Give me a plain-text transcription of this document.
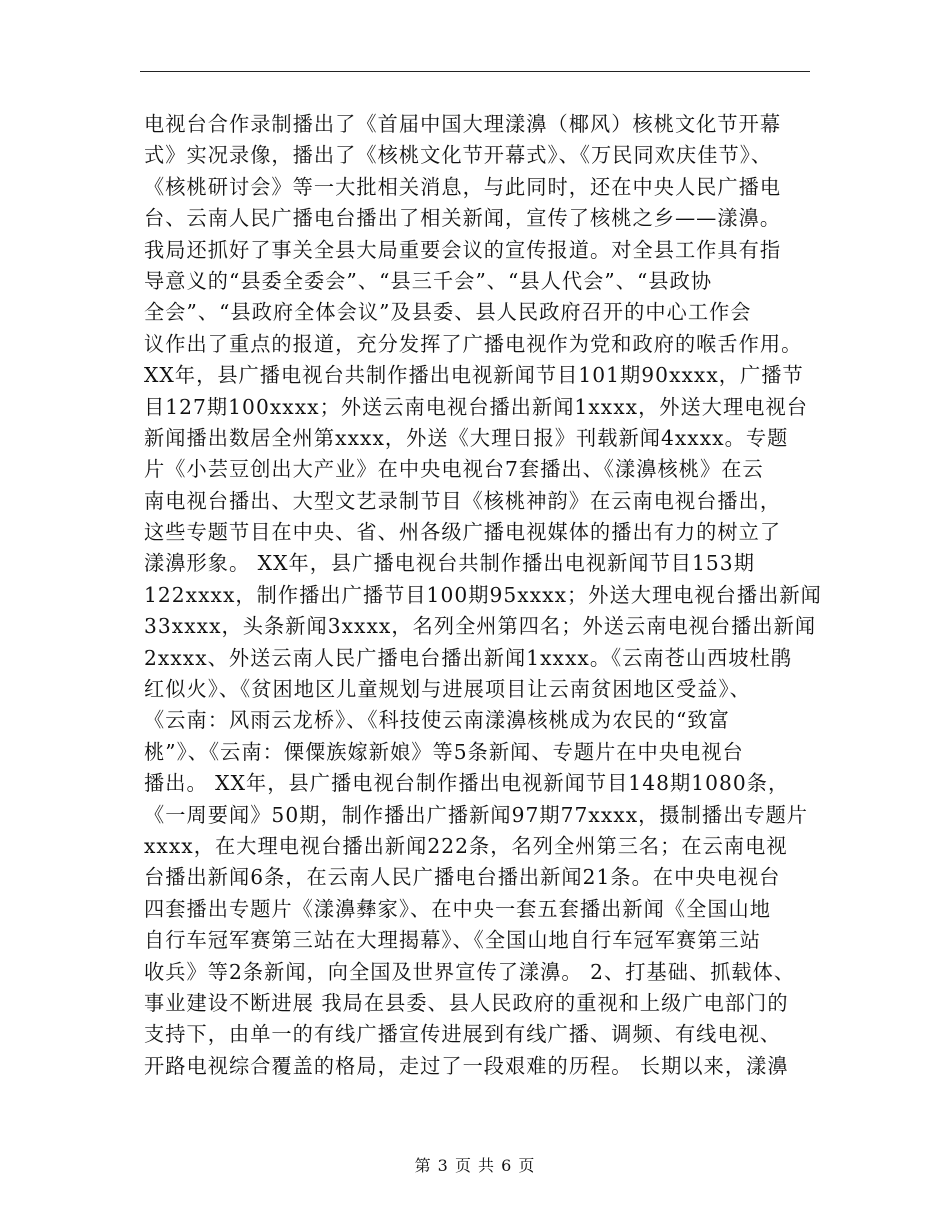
电视台合作录制播出了《首届中国大理漾濞（椰风）核桃文化节开幕
式》实况录像，播出了《核桃文化节开幕式》、《万民同欢庆佳节》、
《核桃研讨会》等一大批相关消息，与此同时，还在中央人民广播电
台、云南人民广播电台播出了相关新闻，宣传了核桃之乡——漾濞。
我局还抓好了事关全县大局重要会议的宣传报道。对全县工作具有指
导意义的“县委全委会”、“县三千会”、“县人代会”、“县政协
全会”、“县政府全体会议”及县委、县人民政府召开的中心工作会
议作出了重点的报道，充分发挥了广播电视作为党和政府的喉舌作用。
XX年，县广播电视台共制作播出电视新闻节目101期90xxxx，广播节
目127期100xxxx；外送云南电视台播出新闻1xxxx，外送大理电视台
新闻播出数居全州第xxxx，外送《大理日报》刊载新闻4xxxx。专题
片《小芸豆创出大产业》在中央电视台7套播出、《漾濞核桃》在云
南电视台播出、大型文艺录制节目《核桃神韵》在云南电视台播出，
这些专题节目在中央、省、州各级广播电视媒体的播出有力的树立了
漾濞形象。 XX年，县广播电视台共制作播出电视新闻节目153期
122xxxx，制作播出广播节目100期95xxxx；外送大理电视台播出新闻
33xxxx，头条新闻3xxxx，名列全州第四名；外送云南电视台播出新闻
2xxxx、外送云南人民广播电台播出新闻1xxxx。《云南苍山西坡杜鹃
红似火》、《贫困地区儿童规划与进展项目让云南贫困地区受益》、
《云南：风雨云龙桥》、《科技使云南漾濞核桃成为农民的“致富
桃”》、《云南：傈僳族嫁新娘》等5条新闻、专题片在中央电视台
播出。 XX年，县广播电视台制作播出电视新闻节目148期1080条，
《一周要闻》50期，制作播出广播新闻97期77xxxx，摄制播出专题片
xxxx，在大理电视台播出新闻222条，名列全州第三名；在云南电视
台播出新闻6条，在云南人民广播电台播出新闻21条。在中央电视台
四套播出专题片《漾濞彝家》、在中央一套五套播出新闻《全国山地
自行车冠军赛第三站在大理揭幕》、《全国山地自行车冠军赛第三站
收兵》等2条新闻，向全国及世界宣传了漾濞。 2、打基础、抓载体、
事业建设不断进展 我局在县委、县人民政府的重视和上级广电部门的
支持下，由单一的有线广播宣传进展到有线广播、调频、有线电视、
开路电视综合覆盖的格局，走过了一段艰难的历程。 长期以来，漾濞
第 3 页 共 6 页
